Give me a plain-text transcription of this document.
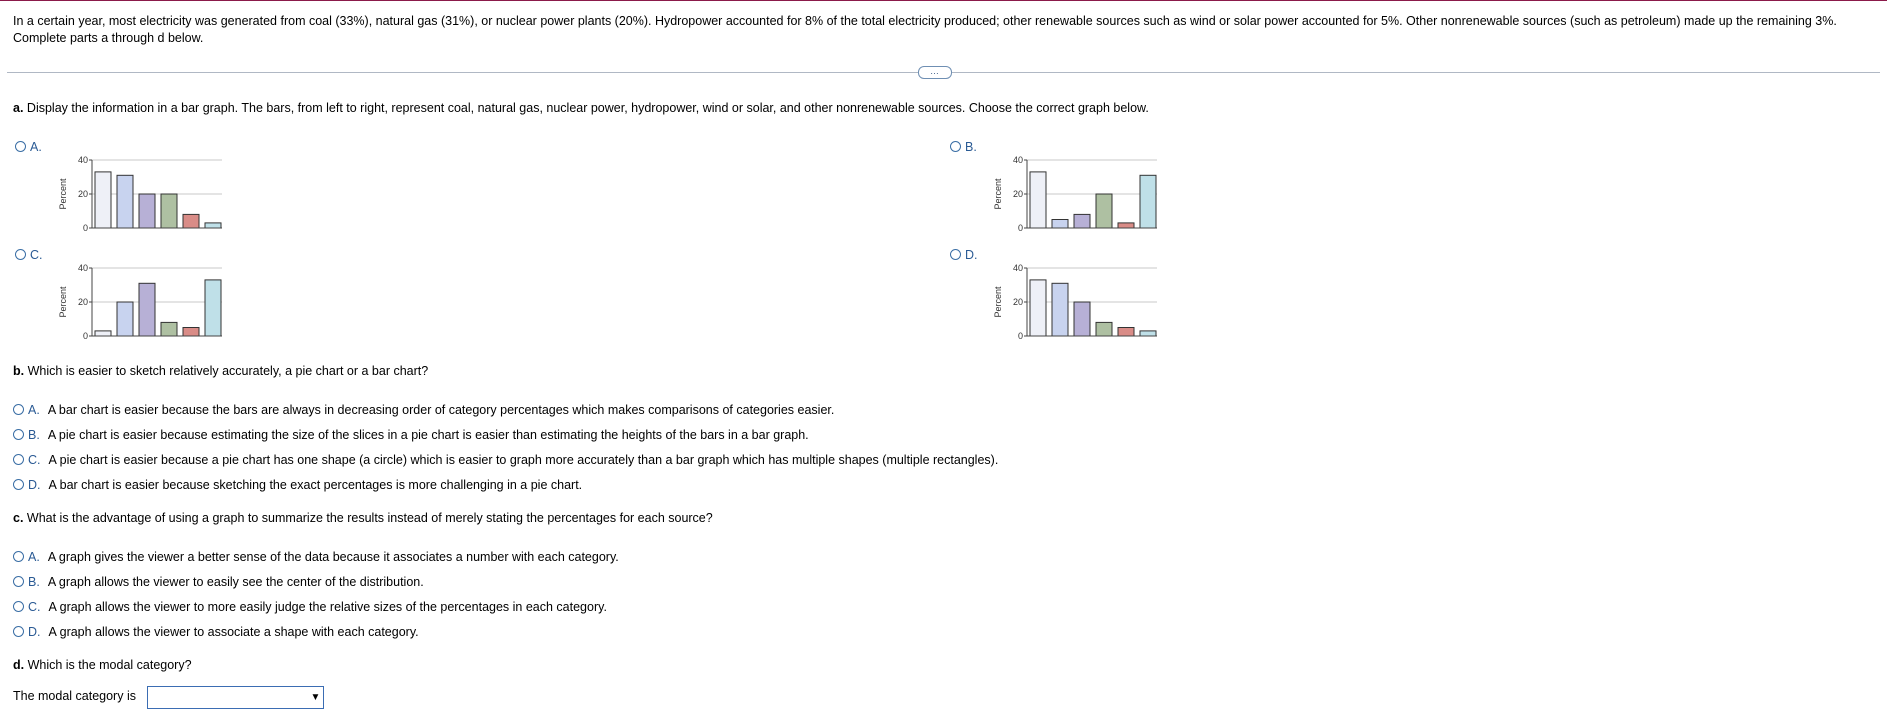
In a certain year, most electricity was generated from coal (33%), natural gas (31%), or nuclear power plants (20%). Hydropower accounted for 8% of the total electricity produced; other renewable sources such as wind or solar power accounted for 5%. Other nonrenewable sources (such as petroleum) made up the remaining 3%. Complete parts a through d below.
…
a. Display the information in a bar graph. The bars, from left to right, represent coal, natural gas, nuclear power, hydropower, wind or solar, and other nonrenewable sources. Choose the correct graph below.
A.	B.
C.	D.
0
20
40
Percent
0
20
40
Percent
0
20
40
Percent
0
20
40
Percent
b. Which is easier to sketch relatively accurately, a pie chart or a bar chart?
A. A bar chart is easier because the bars are always in decreasing order of category percentages which makes comparisons of categories easier.
B. A pie chart is easier because estimating the size of the slices in a pie chart is easier than estimating the heights of the bars in a bar graph.
C. A pie chart is easier because a pie chart has one shape (a circle) which is easier to graph more accurately than a bar graph which has multiple shapes (multiple rectangles).
D. A bar chart is easier because sketching the exact percentages is more challenging in a pie chart.
c. What is the advantage of using a graph to summarize the results instead of merely stating the percentages for each source?
A. A graph gives the viewer a better sense of the data because it associates a number with each category.
B. A graph allows the viewer to easily see the center of the distribution.
C. A graph allows the viewer to more easily judge the relative sizes of the percentages in each category.
D. A graph allows the viewer to associate a shape with each category.
d. Which is the modal category?
The modal category is	▼
